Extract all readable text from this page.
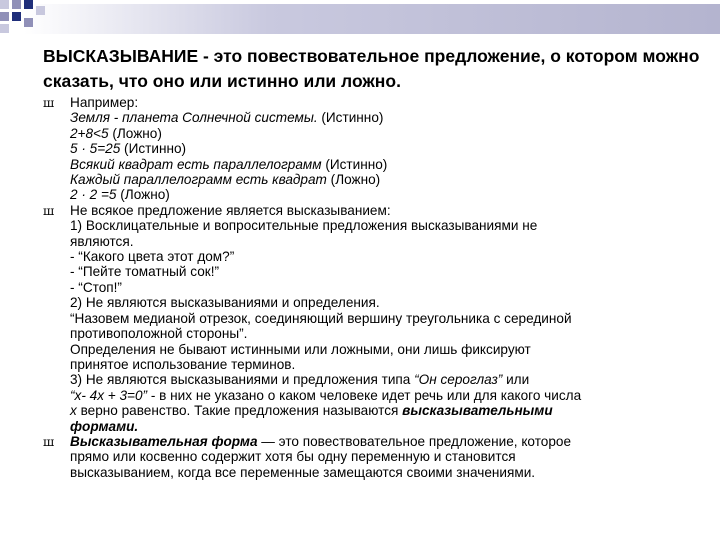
ВЫСКАЗЫВАНИЕ - это повествовательное предложение, о котором можно сказать, что оно или истинно или ложно.
ш Например:
Земля - планета Солнечной системы. (Истинно)
2+8<5 (Ложно)
5 · 5=25 (Истинно)
Всякий квадрат есть параллелограмм (Истинно)
Каждый параллелограмм есть квадрат (Ложно)
2 · 2 =5 (Ложно)
ш Не всякое предложение является высказыванием:
1) Восклицательные и вопросительные предложения высказываниями не
являются.
- “Какого цвета этот дом?”
- “Пейте томатный сок!”
- “Стоп!”
2) Не являются высказываниями и определения.
“Назовем медианой отрезок, соединяющий вершину треугольника с серединой
противоположной стороны”.
Определения не бывают истинными или ложными, они лишь фиксируют
принятое использование терминов.
3) Не являются высказываниями и предложения типа “Он сероглаз” или
“х- 4х + 3=0” - в них не указано о каком человеке идет речь или для какого числа
х верно равенство. Такие предложения называются высказывательными
формами.
ш Высказывательная форма — это повествовательное предложение, которое
прямо или косвенно содержит хотя бы одну переменную и становится
высказыванием, когда все переменные замещаются своими значениями.
